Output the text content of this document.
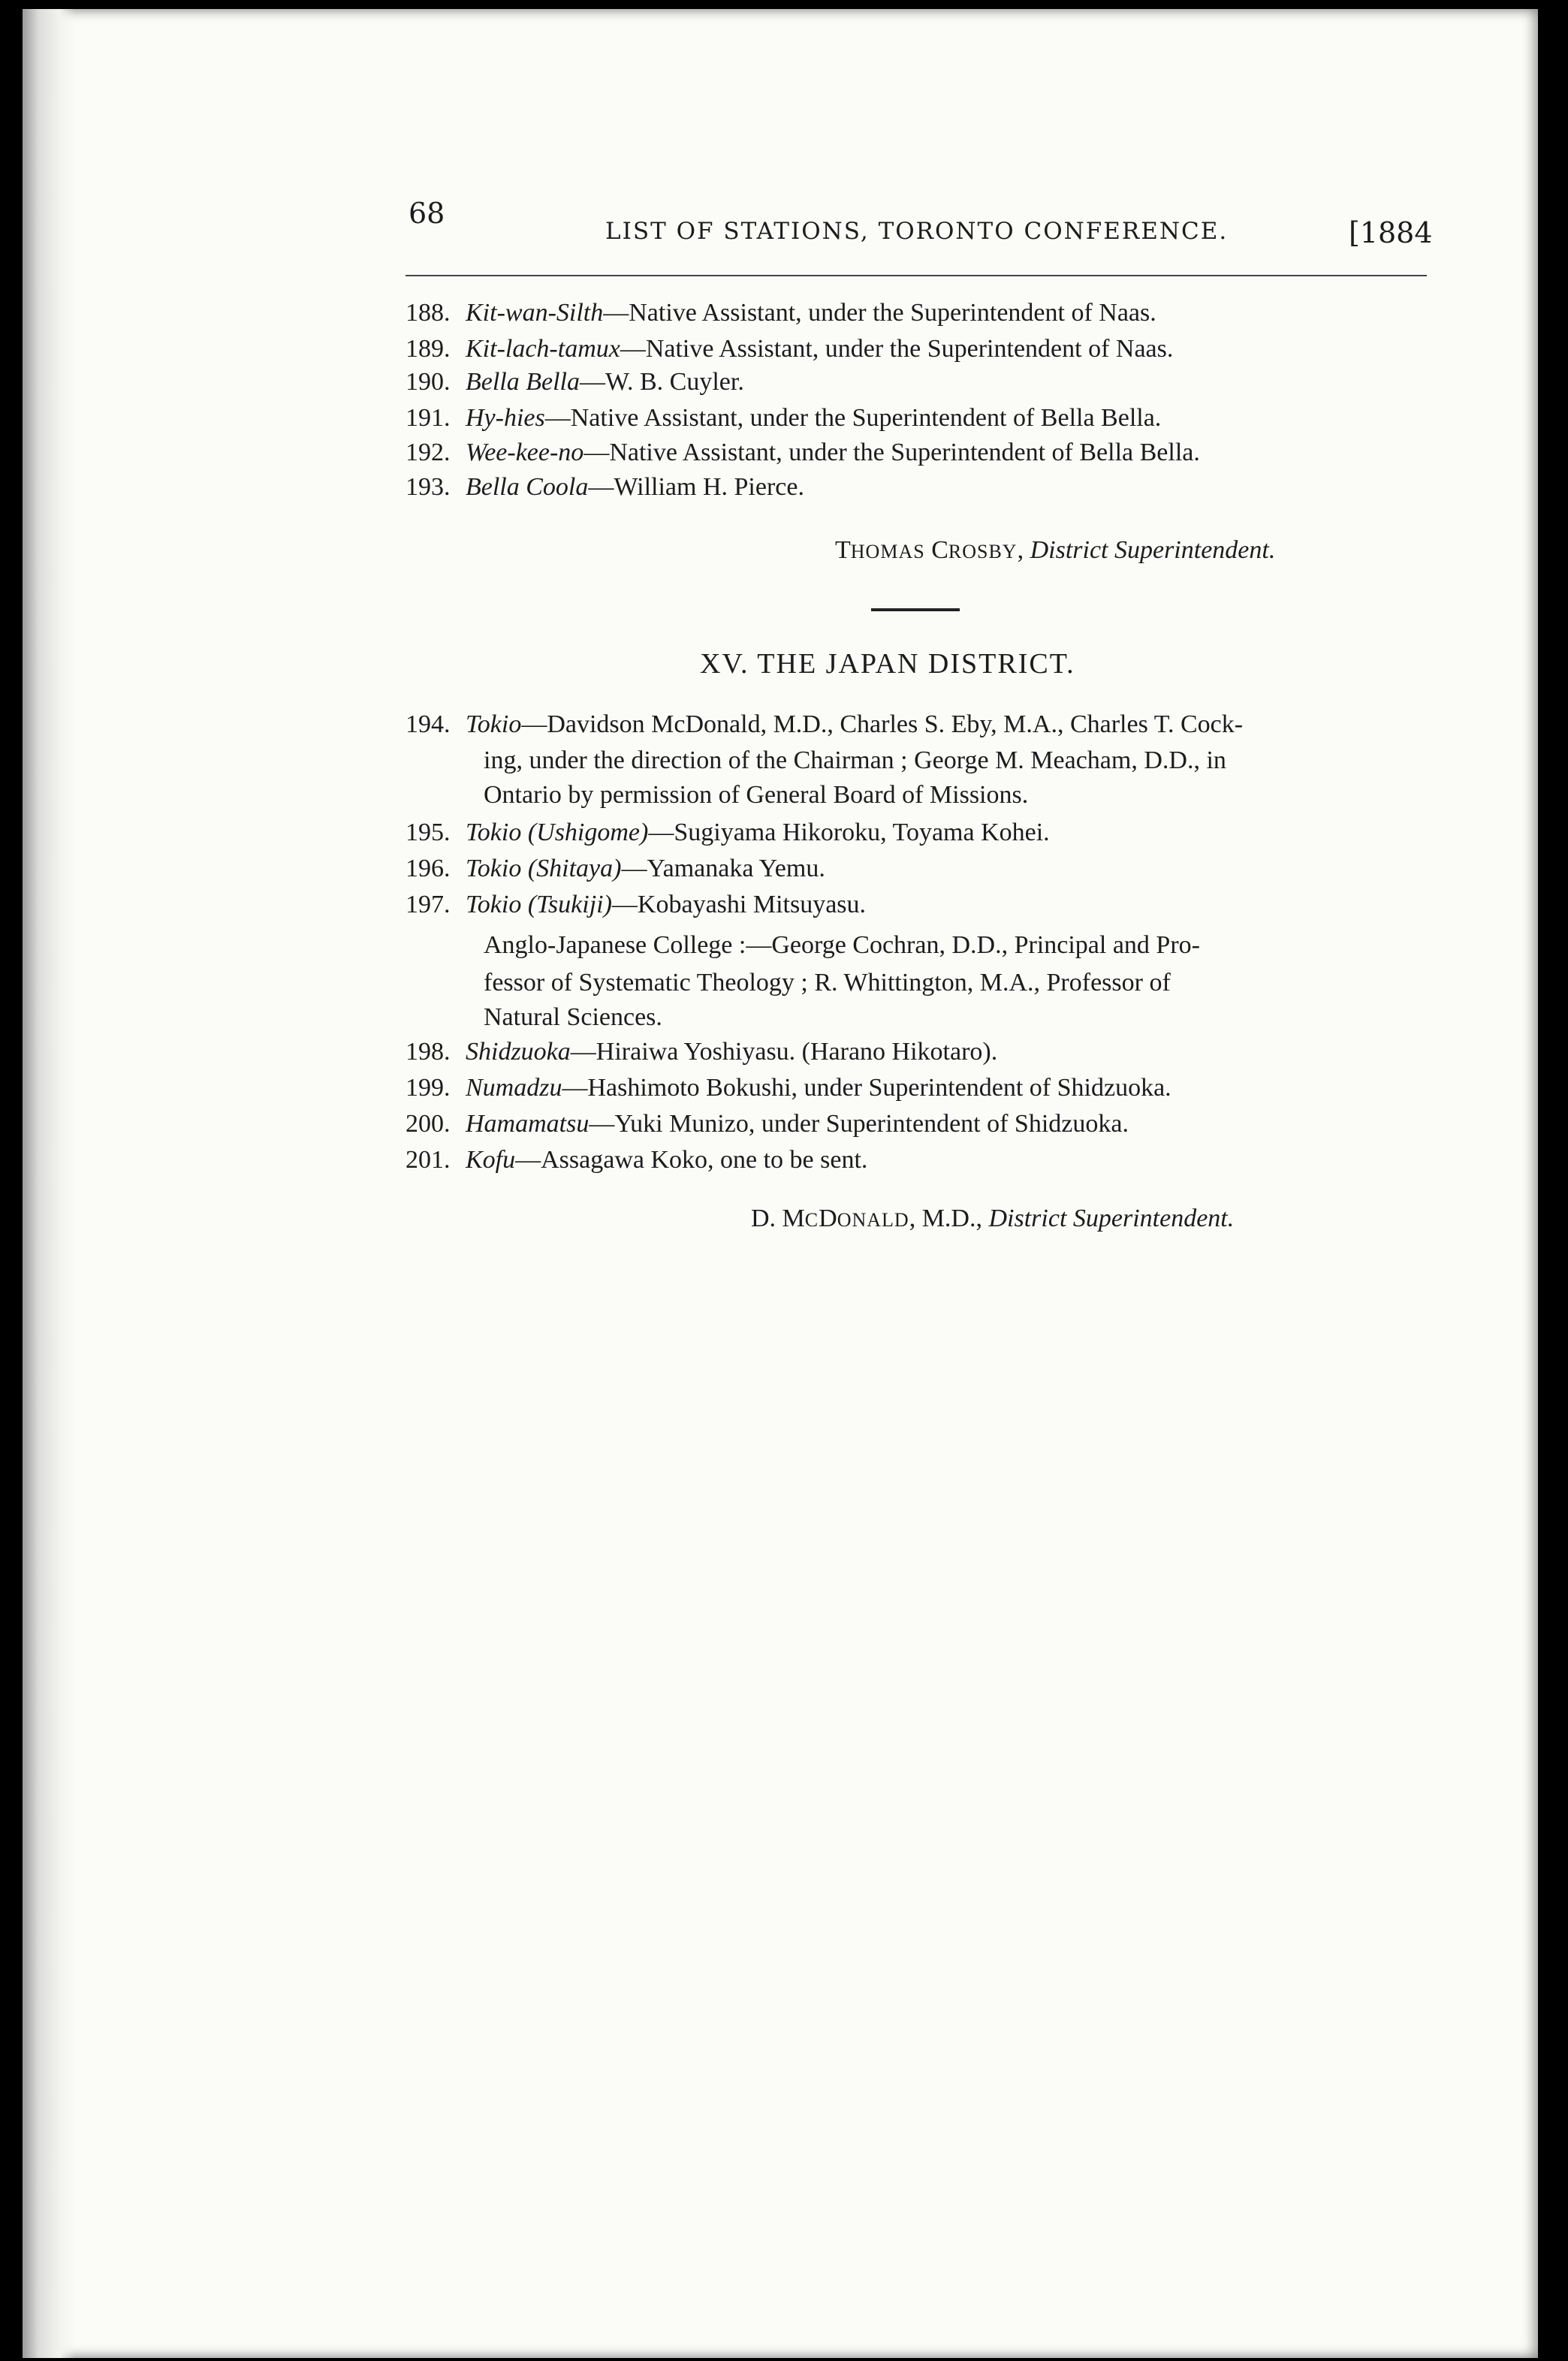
68
LIST OF STATIONS, TORONTO CONFERENCE.	[1884
188. Kit-wan-Silth—Native Assistant, under the Superintendent of Naas.
189. Kit-lach-tamux—Native Assistant, under the Superintendent of Naas.
190. Bella Bella—W. B. Cuyler.
191. Hy-hies—Native Assistant, under the Superintendent of Bella Bella.
192. Wee-kee-no—Native Assistant, under the Superintendent of Bella Bella.
193. Bella Coola—William H. Pierce.
THOMAS CROSBY, District Superintendent.
XV. THE JAPAN DISTRICT.
194. Tokio—Davidson McDonald, M.D., Charles S. Eby, M.A., Charles T. Cock-
ing, under the direction of the Chairman ; George M. Meacham, D.D., in
Ontario by permission of General Board of Missions.
195. Tokio (Ushigome)—Sugiyama Hikoroku, Toyama Kohei.
196. Tokio (Shitaya)—Yamanaka Yemu.
197. Tokio (Tsukiji)—Kobayashi Mitsuyasu.
Anglo-Japanese College :—George Cochran, D.D., Principal and Pro-
fessor of Systematic Theology ; R. Whittington, M.A., Professor of
Natural Sciences.
198. Shidzuoka—Hiraiwa Yoshiyasu. (Harano Hikotaro).
199. Numadzu—Hashimoto Bokushi, under Superintendent of Shidzuoka.
200. Hamamatsu—Yuki Munizo, under Superintendent of Shidzuoka.
201. Kofu—Assagawa Koko, one to be sent.
D. MCDONALD, M.D., District Superintendent.
